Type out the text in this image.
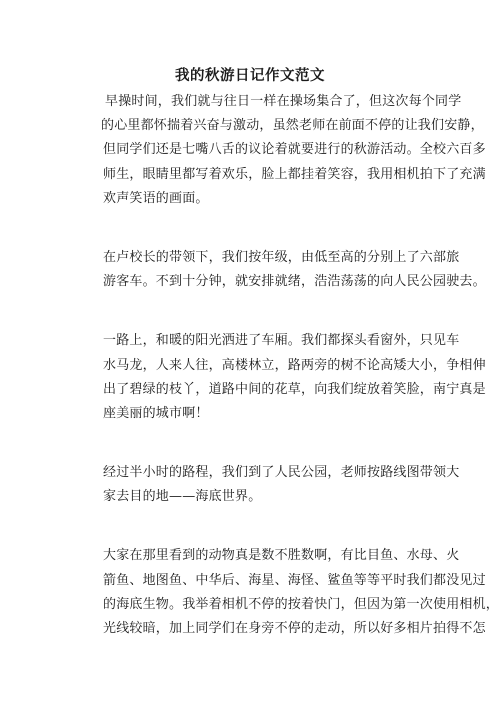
我的秋游日记作文范文
早操时间，我们就与往日一样在操场集合了，但这次每个同学
的心里都怀揣着兴奋与激动，虽然老师在前面不停的让我们安静，
但同学们还是七嘴八舌的议论着就要进行的秋游活动。全校六百多
师生，眼睛里都写着欢乐，脸上都挂着笑容，我用相机拍下了充满
欢声笑语的画面。
在卢校长的带领下，我们按年级，由低至高的分别上了六部旅
游客车。不到十分钟，就安排就绪，浩浩荡荡的向人民公园驶去。
一路上，和暖的阳光洒进了车厢。我们都探头看窗外，只见车
水马龙，人来人往，高楼林立，路两旁的树不论高矮大小，争相伸
出了碧绿的枝丫，道路中间的花草，向我们绽放着笑脸，南宁真是
座美丽的城市啊！
经过半小时的路程，我们到了人民公园，老师按路线图带领大
家去目的地——海底世界。
大家在那里看到的动物真是数不胜数啊，有比目鱼、水母、火
箭鱼、地图鱼、中华后、海星、海怪、鲨鱼等等平时我们都没见过
的海底生物。我举着相机不停的按着快门，但因为第一次使用相机，
光线较暗，加上同学们在身旁不停的走动，所以好多相片拍得不怎
